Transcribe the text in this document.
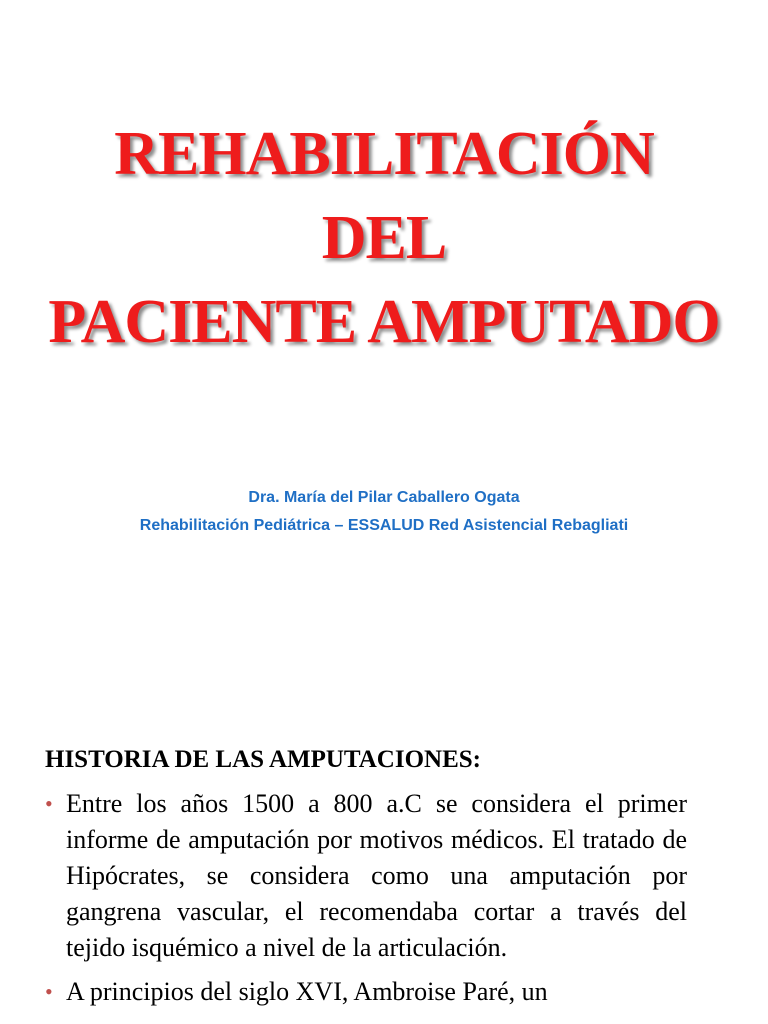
REHABILITACIÓN
DEL
PACIENTE AMPUTADO
Dra. María del Pilar Caballero Ogata
Rehabilitación Pediátrica – ESSALUD Red Asistencial Rebagliati
HISTORIA DE LAS AMPUTACIONES:
• Entre los años 1500 a 800 a.C se considera el primer informe de amputación por motivos médicos. El tratado de Hipócrates, se considera como una amputación por gangrena vascular, el recomendaba cortar a través del tejido isquémico a nivel de la articulación.
• A principios del siglo XVI, Ambroise Paré, un
